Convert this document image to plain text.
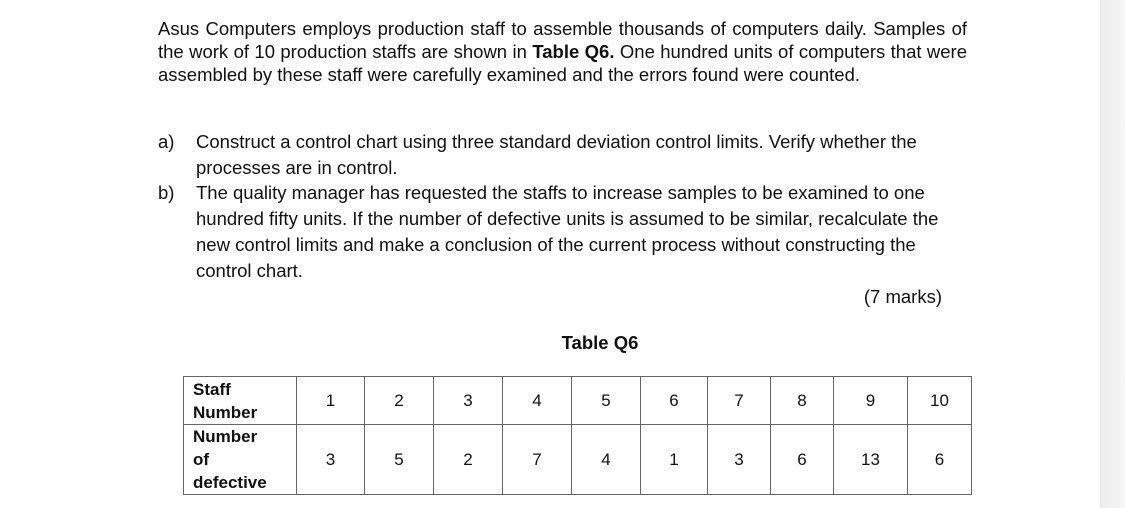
Asus Computers employs production staff to assemble thousands of computers daily. Samples of the work of 10 production staffs are shown in Table Q6. One hundred units of computers that were assembled by these staff were carefully examined and the errors found were counted.

a) Construct a control chart using three standard deviation control limits. Verify whether the processes are in control.
b) The quality manager has requested the staffs to increase samples to be examined to one hundred fifty units. If the number of defective units is assumed to be similar, recalculate the new control limits and make a conclusion of the current process without constructing the control chart.
(7 marks)
Table Q6
Staff
Number	1	2	3	4	5	6	7	8	9	10
Number
of
defective	3	5	2	7	4	1	3	6	13	6
